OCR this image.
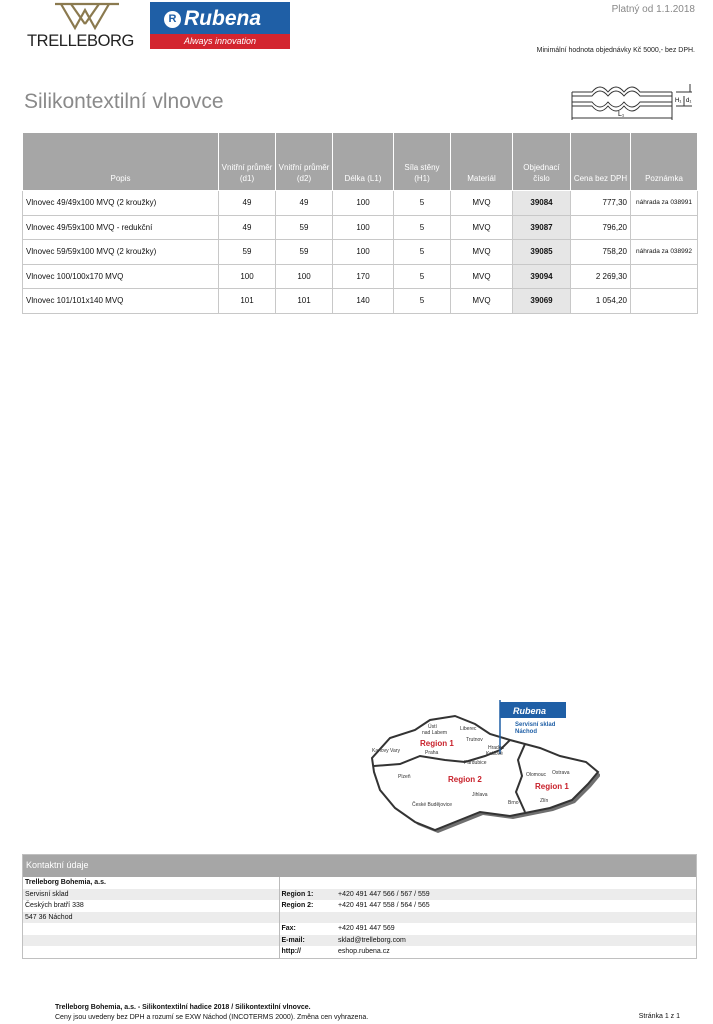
TRELLEBORG
R Rubena
Always innovation
Platný od 1.1.2018
Minimální hodnota objednávky Kč 5000,- bez DPH.
Silikontextilní vlnovce
L₁
H₁ d₁
Popis	Vnitřní průměr (d1)	Vnitřní průměr (d2)	Délka (L1)	Síla stěny (H1)	Materiál	Objednací číslo	Cena bez DPH	Poznámka
Vlnovec 49/49x100 MVQ (2 kroužky)	49	49	100	5	MVQ	39084	777,30	náhrada za 038991
Vlnovec 49/59x100 MVQ - redukční	49	59	100	5	MVQ	39087	796,20	
Vlnovec 59/59x100 MVQ (2 kroužky)	59	59	100	5	MVQ	39085	758,20	náhrada za 038992
Vlnovec 100/100x170 MVQ	100	100	170	5	MVQ	39094	2 269,30	
Vlnovec 101/101x140 MVQ	101	101	140	5	MVQ	39069	1 054,20	
Rubena
Servisní sklad
Náchod
Region 1
Region 2
Region 1
Ústí
nad Labem
Liberec
Trutnov
Karlovy Vary	Praha
Hradec
Králové
Pardubice
Olomouc Ostrava
Plzeň
Jihlava
České Budějovice	Brno	Zlín
Kontaktní údaje
Trelleborg Bohemia, a.s.		
Servisní sklad	Region 1:	+420 491 447 566 / 567 / 559
Českých bratří 338	Region 2:	+420 491 447 558 / 564 / 565
547 36 Náchod		
	Fax:	+420 491 447 569
	E-mail:	sklad@trelleborg.com
	http://	eshop.rubena.cz
Trelleborg Bohemia, a.s. - Silikontextilní hadice 2018 / Silikontextilní vlnovce.
Ceny jsou uvedeny bez DPH a rozumí se EXW Náchod (INCOTERMS 2000). Změna cen vyhrazena.	Stránka 1 z 1
